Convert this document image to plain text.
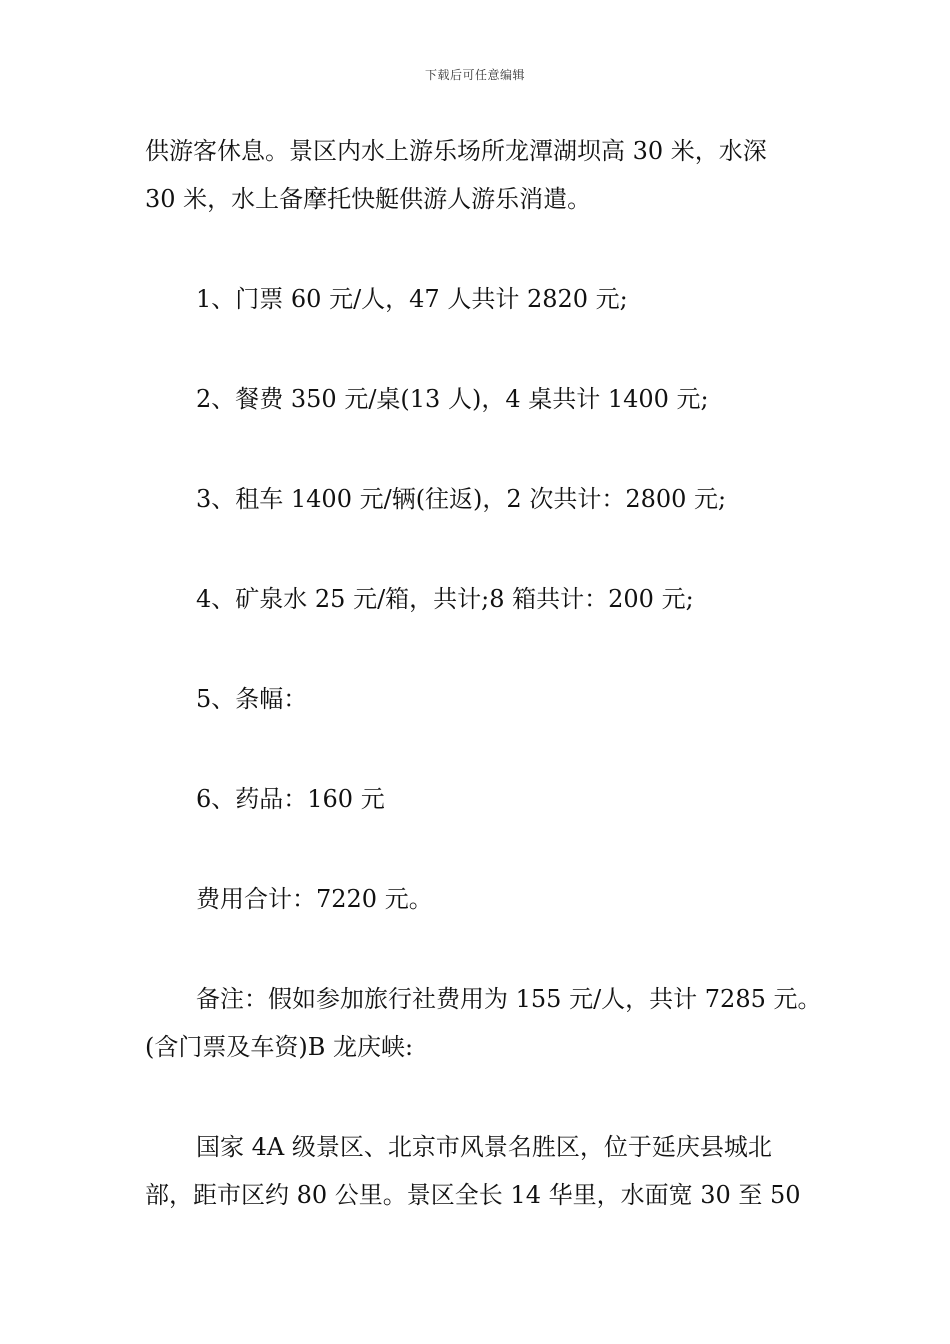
下载后可任意编辑
供游客休息。景区内水上游乐场所龙潭湖坝高 30 米，水深
30 米，水上备摩托快艇供游人游乐消遣。
1、门票 60 元/人，47 人共计 2820 元;
2、餐费 350 元/桌(13 人)，4 桌共计 1400 元;
3、租车 1400 元/辆(往返)，2 次共计：2800 元;
4、矿泉水 25 元/箱，共计;8 箱共计：200 元;
5、条幅：
6、药品：160 元
费用合计：7220 元。
备注：假如参加旅行社费用为 155 元/人，共计 7285 元。
(含门票及车资)B 龙庆峡:
国家 4A 级景区、北京市风景名胜区，位于延庆县城北
部，距市区约 80 公里。景区全长 14 华里，水面宽 30 至 50
